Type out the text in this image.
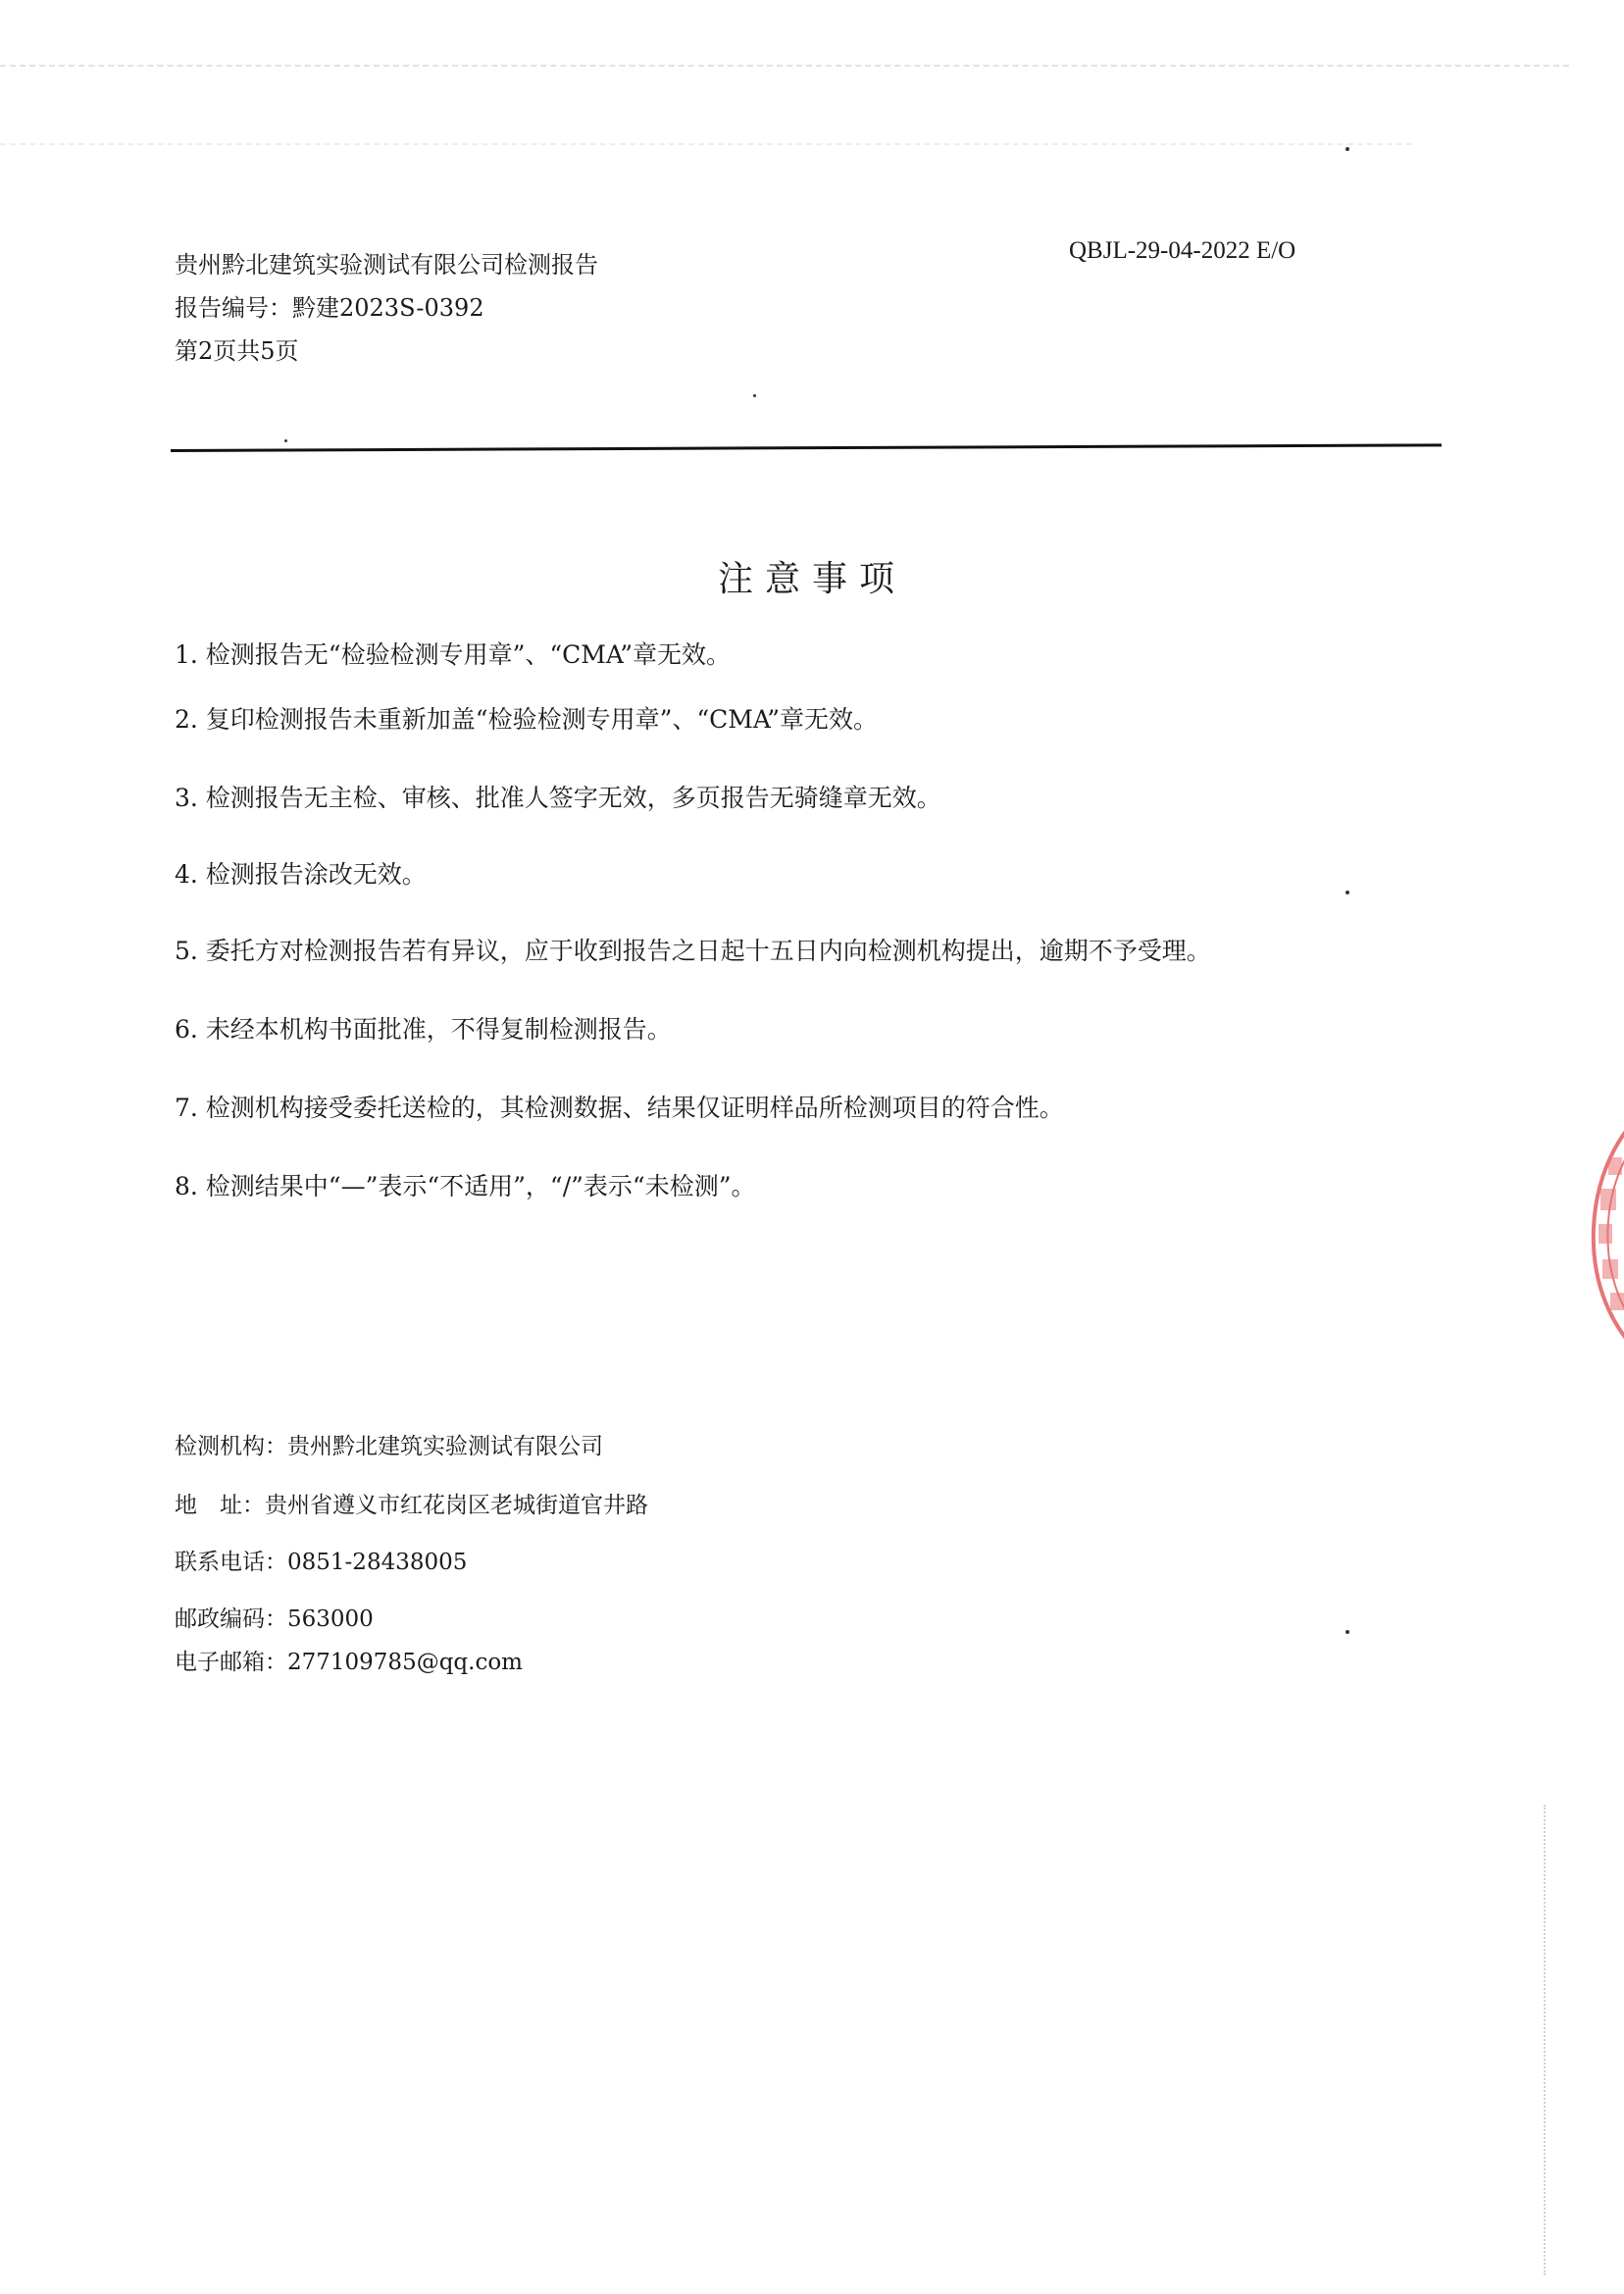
贵州黔北建筑实验测试有限公司检测报告
报告编号：黔建2023S-0392
第2页共5页
QBJL-29-04-2022 E/O
注意事项
1. 检测报告无“检验检测专用章”、“CMA”章无效。
2. 复印检测报告未重新加盖“检验检测专用章”、“CMA”章无效。
3. 检测报告无主检、审核、批准人签字无效，多页报告无骑缝章无效。
4. 检测报告涂改无效。
5. 委托方对检测报告若有异议，应于收到报告之日起十五日内向检测机构提出，逾期不予受理。
6. 未经本机构书面批准，不得复制检测报告。
7. 检测机构接受委托送检的，其检测数据、结果仅证明样品所检测项目的符合性。
8. 检测结果中“—”表示“不适用”，“/”表示“未检测”。
检测机构：贵州黔北建筑实验测试有限公司
地　址：贵州省遵义市红花岗区老城街道官井路
联系电话：0851-28438005
邮政编码：563000
电子邮箱：277109785@qq.com
